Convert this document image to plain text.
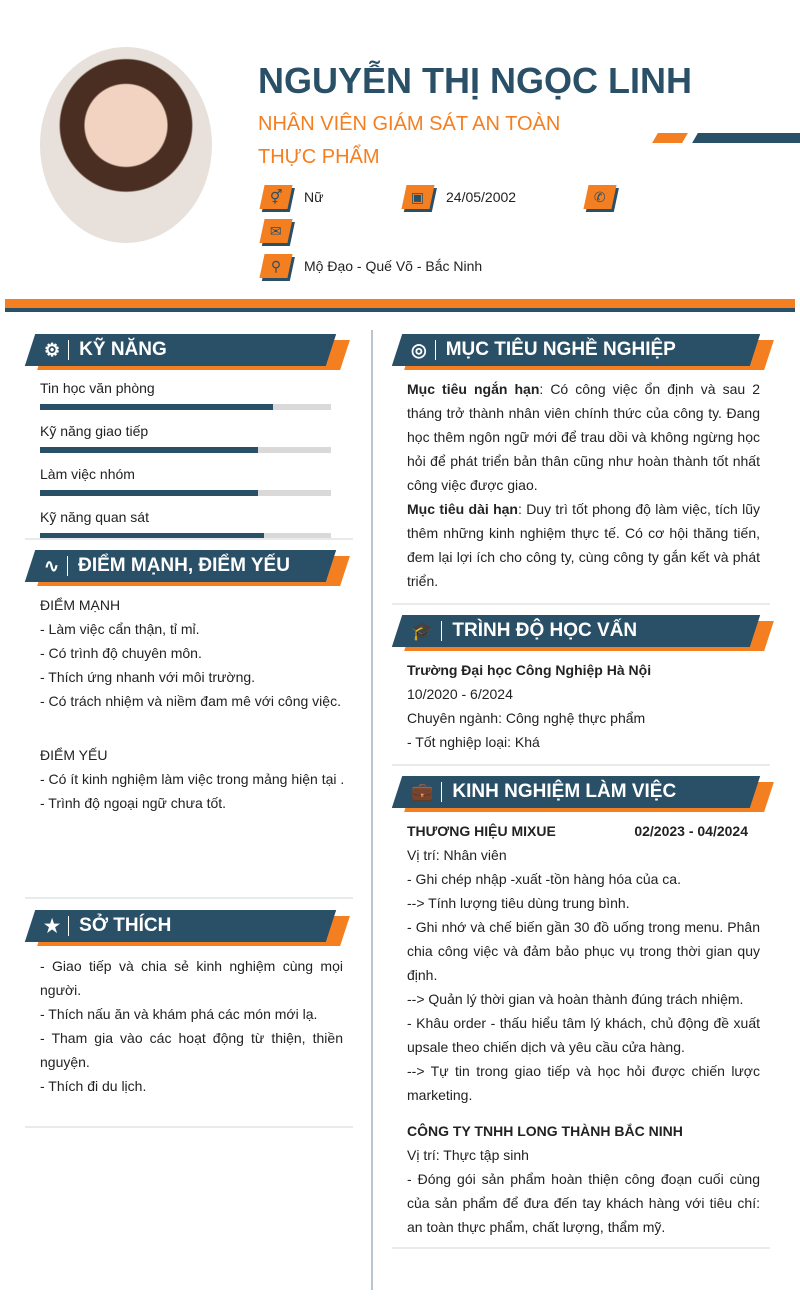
NGUYỄN THỊ NGỌC LINH
NHÂN VIÊN GIÁM SÁT AN TOÀN THỰC PHẨM
⚥ Nữ	▣ 24/05/2002	✆
✉
⚲ Mộ Đạo - Quế Võ - Bắc Ninh
⚙	KỸ NĂNG
Tin học văn phòng
Kỹ năng giao tiếp
Làm việc nhóm
Kỹ năng quan sát
∿	ĐIỂM MẠNH, ĐIỂM YẾU
ĐIỂM MẠNH
- Làm việc cẩn thận, tỉ mỉ.
- Có trình độ chuyên môn.
- Thích ứng nhanh với môi trường.
- Có trách nhiệm và niềm đam mê với công việc.
ĐIỂM YẾU
- Có ít kinh nghiệm làm việc trong mảng hiện tại .
- Trình độ ngoại ngữ chưa tốt.
★	SỞ THÍCH
- Giao tiếp và chia sẻ kinh nghiệm cùng mọi người.
- Thích nấu ăn và khám phá các món mới lạ.
- Tham gia vào các hoạt động từ thiện, thiền nguyện.
- Thích đi du lịch.
◎	MỤC TIÊU NGHỀ NGHIỆP
Mục tiêu ngắn hạn: Có công việc ổn định và sau 2 tháng trở thành nhân viên chính thức của công ty. Đang học thêm ngôn ngữ mới để trau dồi và không ngừng học hỏi để phát triển bản thân cũng như hoàn thành tốt nhất công việc được giao.
Mục tiêu dài hạn: Duy trì tốt phong độ làm việc, tích lũy thêm những kinh nghiệm thực tế. Có cơ hội thăng tiến, đem lại lợi ích cho công ty, cùng công ty gắn kết và phát triển.
🎓	TRÌNH ĐỘ HỌC VẤN
Trường Đại học Công Nghiệp Hà Nội
10/2020 - 6/2024
Chuyên ngành: Công nghệ thực phẩm
- Tốt nghiệp loại: Khá
💼	KINH NGHIỆM LÀM VIỆC
THƯƠNG HIỆU MIXUE	02/2023 - 04/2024
Vị trí: Nhân viên
- Ghi chép nhập -xuất -tồn hàng hóa của ca.
--> Tính lượng tiêu dùng trung bình.
- Ghi nhớ và chế biến gần 30 đồ uống trong menu. Phân chia công việc và đảm bảo phục vụ trong thời gian quy định.
--> Quản lý thời gian và hoàn thành đúng trách nhiệm.
- Khâu order - thấu hiểu tâm lý khách, chủ động đề xuất upsale theo chiến dịch và yêu cầu cửa hàng.
--> Tự tin trong giao tiếp và học hỏi được chiến lược marketing.
CÔNG TY TNHH LONG THÀNH BẮC NINH
Vị trí: Thực tập sinh
- Đóng gói sản phẩm hoàn thiện công đoạn cuối cùng của sản phẩm để đưa đến tay khách hàng với tiêu chí: an toàn thực phẩm, chất lượng, thẩm mỹ.
